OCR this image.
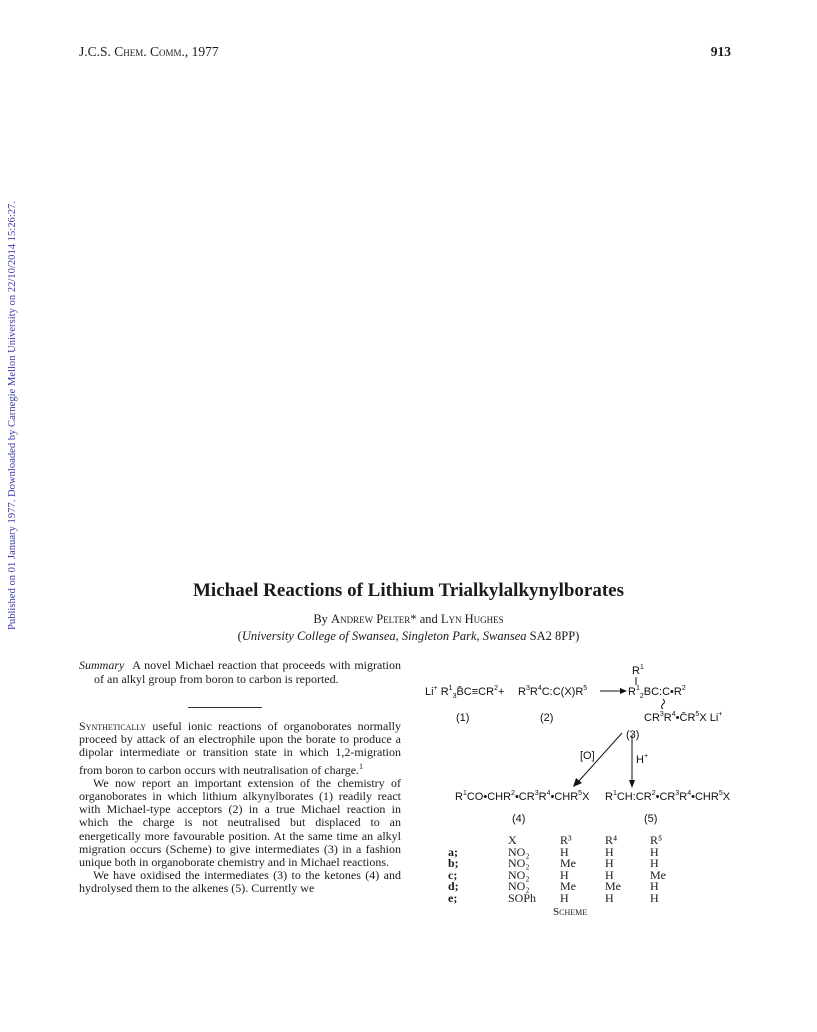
J.C.S. Chem. Comm., 1977	913
Published on 01 January 1977. Downloaded by Carnegie Mellon University on 22/10/2014 15:26:27.	Michael Reactions of Lithium Trialkylalkynylborates
By Andrew Pelter* and Lyn Hughes
(University College of Swansea, Singleton Park, Swansea SA2 8PP)

Summary A novel Michael reaction that proceeds with migration of an alkyl group from boron to carbon is reported.

Synthetically useful ionic reactions of organoborates normally proceed by attack of an electrophile upon the borate to produce a dipolar intermediate or transition state in which 1,2-migration from boron to carbon occurs with neutralisation of charge.$^1$

We now report an important extension of the chemistry of organoborates in which lithium alkynylborates (1) readily react with Michael-type acceptors (2) in a true Michael reaction in which the charge is not neutralised but displaced to an energetically more favourable position. At the same time an alkyl migration occurs (Scheme) to give intermediates (3) in a fashion unique both in organoborate chemistry and in Michael reactions.

We have oxidised the intermediates (3) to the ketones (4) and hydrolysed them to the alkenes (5). Currently we

Li+ $R^1_3B̄C\equiv CR^2+$ $R^3R^4C:C(X)R^5$
$R^1$
$R^1_2BC:C•R^2$
$CR^3R^4•C̄R^5X$ Li+
(1)	(2)
(3)
[O]	H+
$R^1CO•CHR^2•CR^3R^4•CHR^5X$ $R^1CH:CR^2•CR^3R^4•CHR^5X$
(4)	(5)
	X	R³	R⁴	R⁵
a;	NO₂	H	H	H
b;	NO₂	Me	H	H
c;	NO₂	H	H	Me
d;	NO₂	Me	Me	H
e;	SOPh	H	H	H
Scheme
